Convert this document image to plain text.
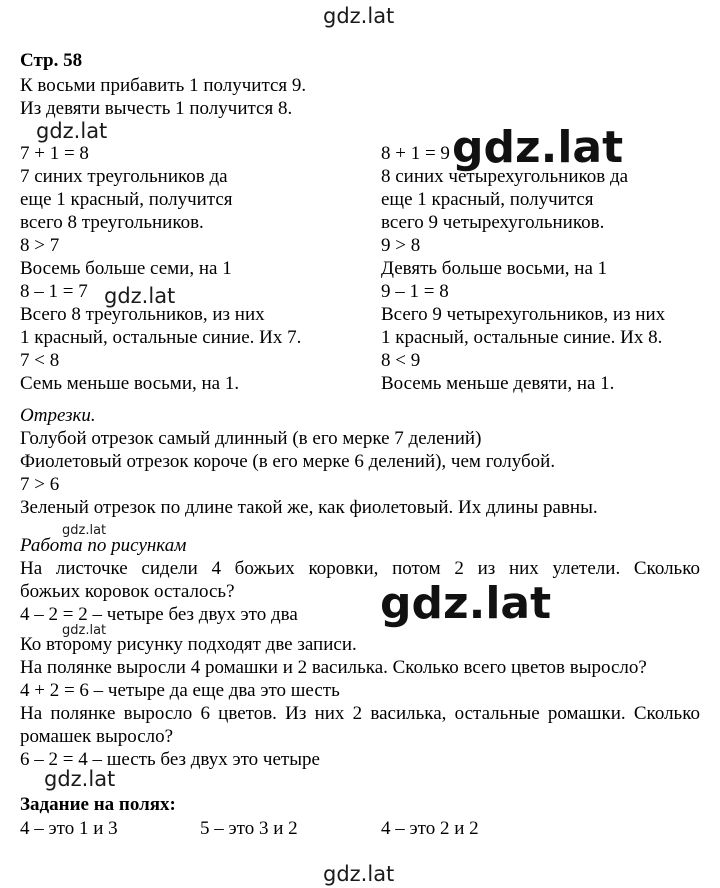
gdz.lat
gdz.lat	gdz.lat
gdz.lat
gdz.lat
gdz.lat
gdz.lat
gdz.lat
gdz.lat
Стр. 58
К восьми прибавить 1 получится 9.
Из девяти вычесть 1 получится 8.
7 + 1 = 8
7 синих треугольников да
еще 1 красный, получится
всего 8 треугольников.
8 > 7
Восемь больше семи, на 1
8 – 1 = 7
Всего 8 треугольников, из них
1 красный, остальные синие. Их 7.
7 < 8
Семь меньше восьми, на 1.
8 + 1 = 9
8 синих четырехугольников да
еще 1 красный, получится
всего 9 четырехугольников.
9 > 8
Девять больше восьми, на 1
9 – 1 = 8
Всего 9 четырехугольников, из них
1 красный, остальные синие. Их 8.
8 < 9
Восемь меньше девяти, на 1.
Отрезки.
Голубой отрезок самый длинный (в его мерке 7 делений)
Фиолетовый отрезок короче (в его мерке 6 делений), чем голубой.
7 > 6
Зеленый отрезок по длине такой же, как фиолетовый. Их длины равны.
Работа по рисункам
На листочке сидели 4 божьих коровки, потом 2 из них улетели. Сколько
божьих коровок осталось?
4 – 2 = 2 – четыре без двух это два
Ко второму рисунку подходят две записи.
На полянке выросли 4 ромашки и 2 василька. Сколько всего цветов выросло?
4 + 2 = 6 – четыре да еще два это шесть
На полянке выросло 6 цветов. Из них 2 василька, остальные ромашки. Сколько
ромашек выросло?
6 – 2 = 4 – шесть без двух это четыре
Задание на полях:
4 – это 1 и 3	5 – это 3 и 2	4 – это 2 и 2
